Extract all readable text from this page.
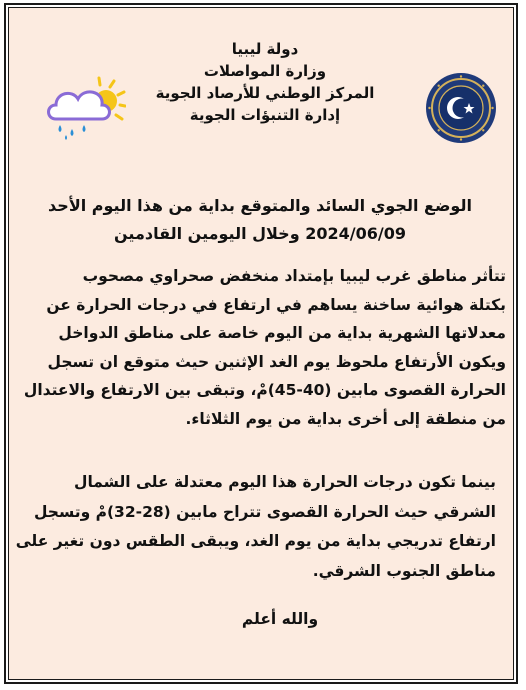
دولة ليبيا
وزارة المواصلات
المركز الوطني للأرصاد الجوية
إدارة التنبؤات الجوية
الوضع الجوي السائد والمتوقع بداية من هذا اليوم الأحد
2024/06/09 وخلال اليومين القادمين
تتأثر مناطق غرب ليبيا بإمتداد منخفض صحراوي مصحوب
بكتلة هوائية ساخنة يساهم في ارتفاع في درجات الحرارة عن
معدلاتها الشهرية بداية من اليوم خاصة على مناطق الدواخل
ويكون الأرتفاع ملحوظ يوم الغد الإثنين حيث متوقع ان تسجل
الحرارة القصوى مابين (40-45)مْ، وتبقى بين الارتفاع والاعتدال
من منطقة إلى أخرى بداية من يوم الثلاثاء.
بينما تكون درجات الحرارة هذا اليوم معتدلة على الشمال
الشرقي حيث الحرارة القصوى تتراح مابين (28-32)مْ وتسجل
ارتفاع تدريجي بداية من يوم الغد، ويبقى الطقس دون تغير على
مناطق الجنوب الشرقي.
والله أعلم
